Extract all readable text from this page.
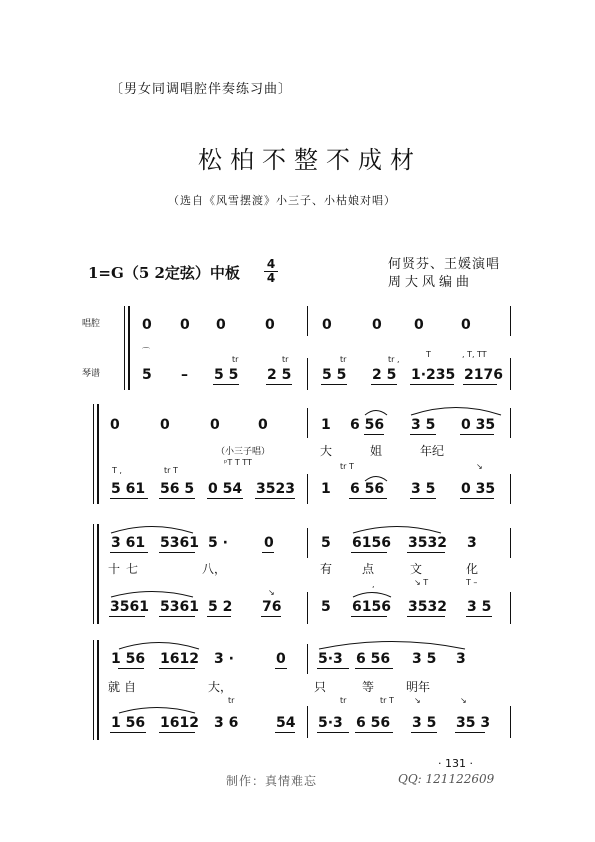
〔男女同调唱腔伴奏练习曲〕
松柏不整不成材
（选自《风雪摆渡》小三子、小枯娘对唱）
1=G（5 2定弦）中板 4
4
何贤芬、王媛演唱
周大风编曲
唱腔
琴谱
0 0 0	0	0	0 0	0
⌒
5 – 5 5 2 5 5 5 2 5 1·235 2176
tr	tr	tr	tr ,
T	, T, TT
0	0	0	0	1 6 56 3 5 0 35
（小三子唱）	大	姐	年纪
T ,	tr T
ᵖT T TT	tr T	↘
5 61 56 5 0 54 3523 1 6 56 3 5 0 35
3 61 5361 5 ·	0	5 6156 3532 3
十七	八，	有 点	文	化
,	↘ T	T –
↘
3561 5361 5 2 76	5 6156 3532 3 5
1 56 1612 3 ·	0 5·3 6 56 3 5 3
就自	大，	只	等	明年
tr	tr	tr T	↘	↘
1 56 1612 3 6	54 5·3 6 56 3 5 35 3
· 131 ·
制作：真情难忘	QQ: 121122609
